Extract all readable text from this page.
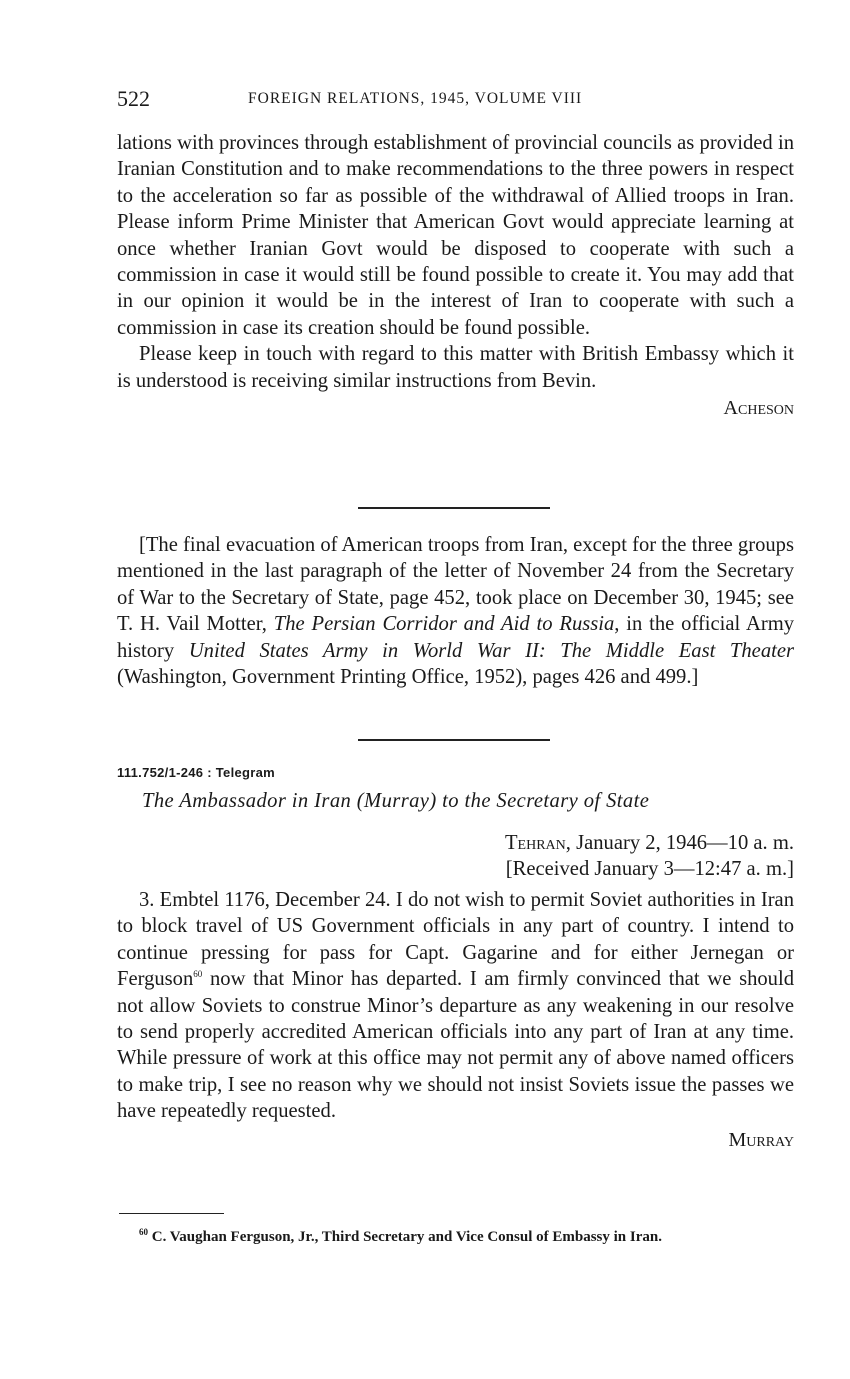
522	FOREIGN RELATIONS, 1945, VOLUME VIII

lations with provinces through establishment of provincial councils as provided in Iranian Constitution and to make recommendations to the three powers in respect to the acceleration so far as possible of the withdrawal of Allied troops in Iran. Please inform Prime Minister that American Govt would appreciate learning at once whether Iranian Govt would be disposed to cooperate with such a commission in case it would still be found possible to create it. You may add that in our opinion it would be in the interest of Iran to cooperate with such a commission in case its creation should be found possible.

Please keep in touch with regard to this matter with British Embassy which it is understood is receiving similar instructions from Bevin.

Acheson

[The final evacuation of American troops from Iran, except for the three groups mentioned in the last paragraph of the letter of November 24 from the Secretary of War to the Secretary of State, page 452, took place on December 30, 1945; see T. H. Vail Motter, The Persian Corridor and Aid to Russia, in the official Army history United States Army in World War II: The Middle East Theater (Washington, Government Printing Office, 1952), pages 426 and 499.]

111.752/1-246 : Telegram
The Ambassador in Iran (Murray) to the Secretary of State
Tehran, January 2, 1946—10 a. m.
[Received January 3—12:47 a. m.]

3. Embtel 1176, December 24. I do not wish to permit Soviet authorities in Iran to block travel of US Government officials in any part of country. I intend to continue pressing for pass for Capt. Gagarine and for either Jernegan or Ferguson$^{60}$ now that Minor has departed. I am firmly convinced that we should not allow Soviets to construe Minor’s departure as any weakening in our resolve to send properly accredited American officials into any part of Iran at any time. While pressure of work at this office may not permit any of above named officers to make trip, I see no reason why we should not insist Soviets issue the passes we have repeatedly requested.

Murray

$^{60}$ C. Vaughan Ferguson, Jr., Third Secretary and Vice Consul of Embassy in Iran.
